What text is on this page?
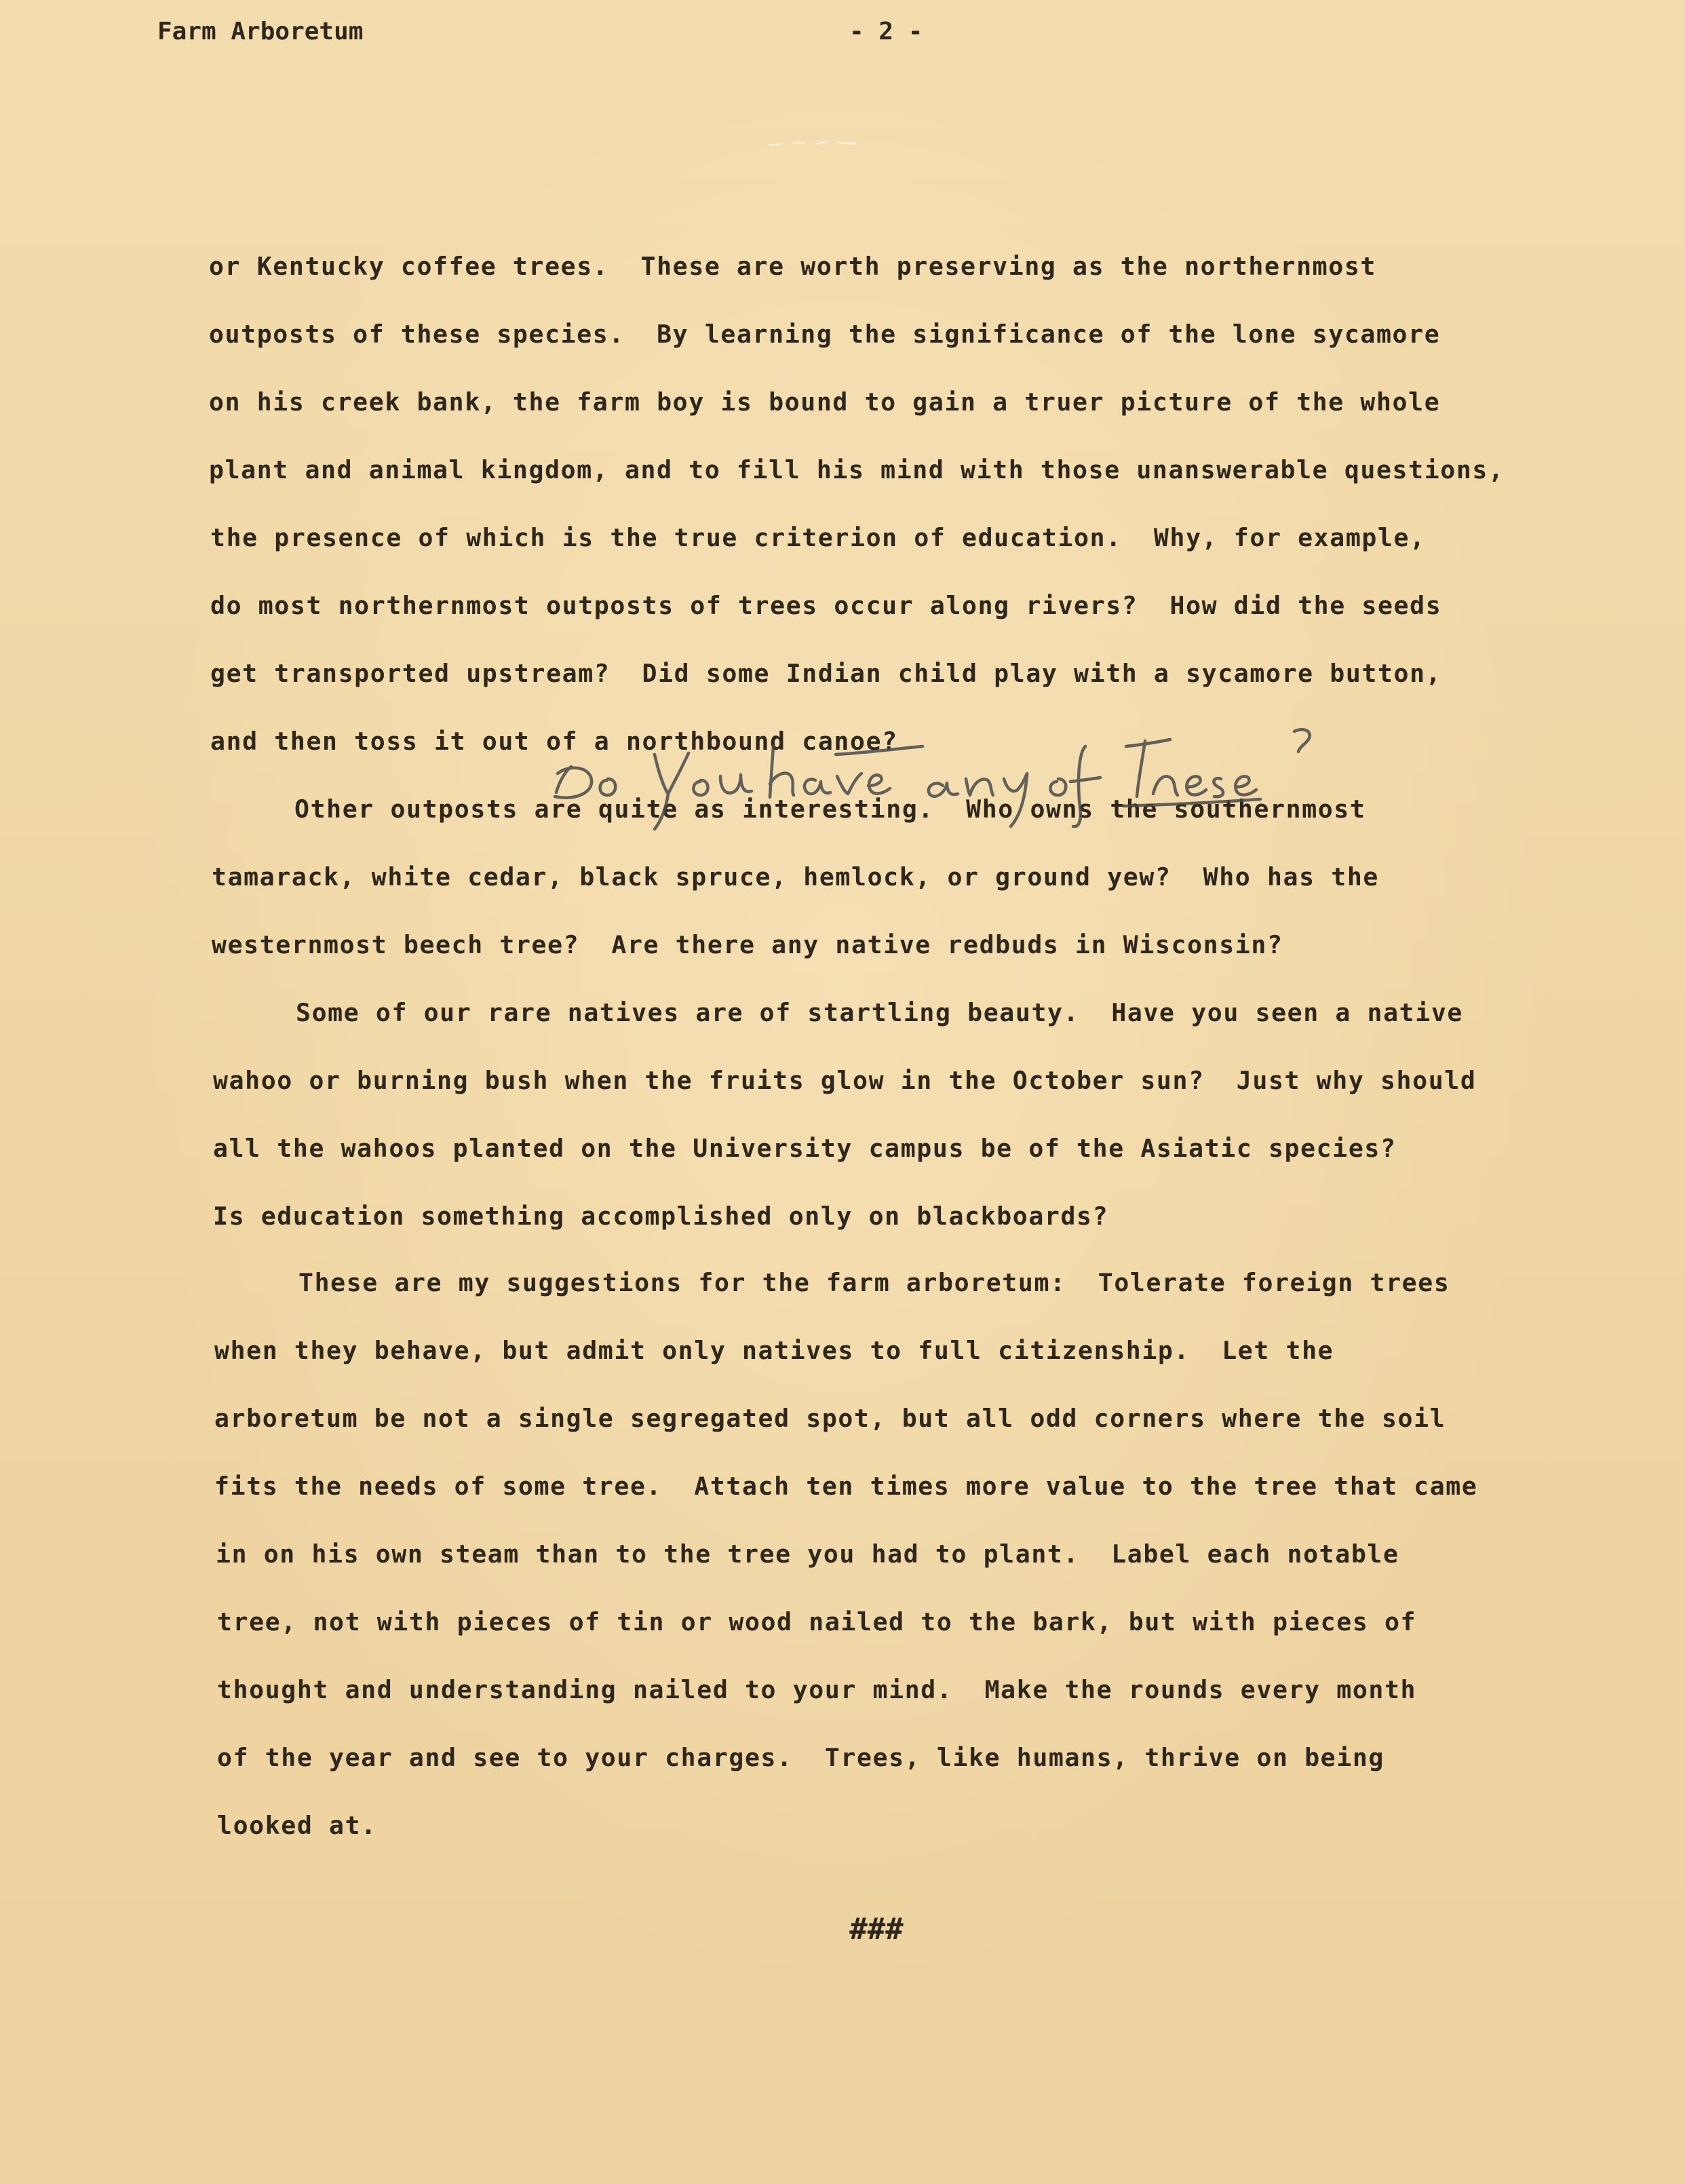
Farm Arboretum	- 2 -
or Kentucky coffee trees.  These are worth preserving as the northernmost
outposts of these species.  By learning the significance of the lone sycamore
on his creek bank, the farm boy is bound to gain a truer picture of the whole
plant and animal kingdom, and to fill his mind with those unanswerable questions,
the presence of which is the true criterion of education.  Why, for example,
do most northernmost outposts of trees occur along rivers?  How did the seeds
get transported upstream?  Did some Indian child play with a sycamore button,
and then toss it out of a northbound canoe?
Other outposts are quite as interesting.  Who owns the southernmost
tamarack, white cedar, black spruce, hemlock, or ground yew?  Who has the
westernmost beech tree?  Are there any native redbuds in Wisconsin?
Some of our rare natives are of startling beauty.  Have you seen a native
wahoo or burning bush when the fruits glow in the October sun?  Just why should
all the wahoos planted on the University campus be of the Asiatic species?
Is education something accomplished only on blackboards?
These are my suggestions for the farm arboretum:  Tolerate foreign trees
when they behave, but admit only natives to full citizenship.  Let the
arboretum be not a single segregated spot, but all odd corners where the soil
fits the needs of some tree.  Attach ten times more value to the tree that came
in on his own steam than to the tree you had to plant.  Label each notable
tree, not with pieces of tin or wood nailed to the bark, but with pieces of
thought and understanding nailed to your mind.  Make the rounds every month
of the year and see to your charges.  Trees, like humans, thrive on being
looked at.
###
